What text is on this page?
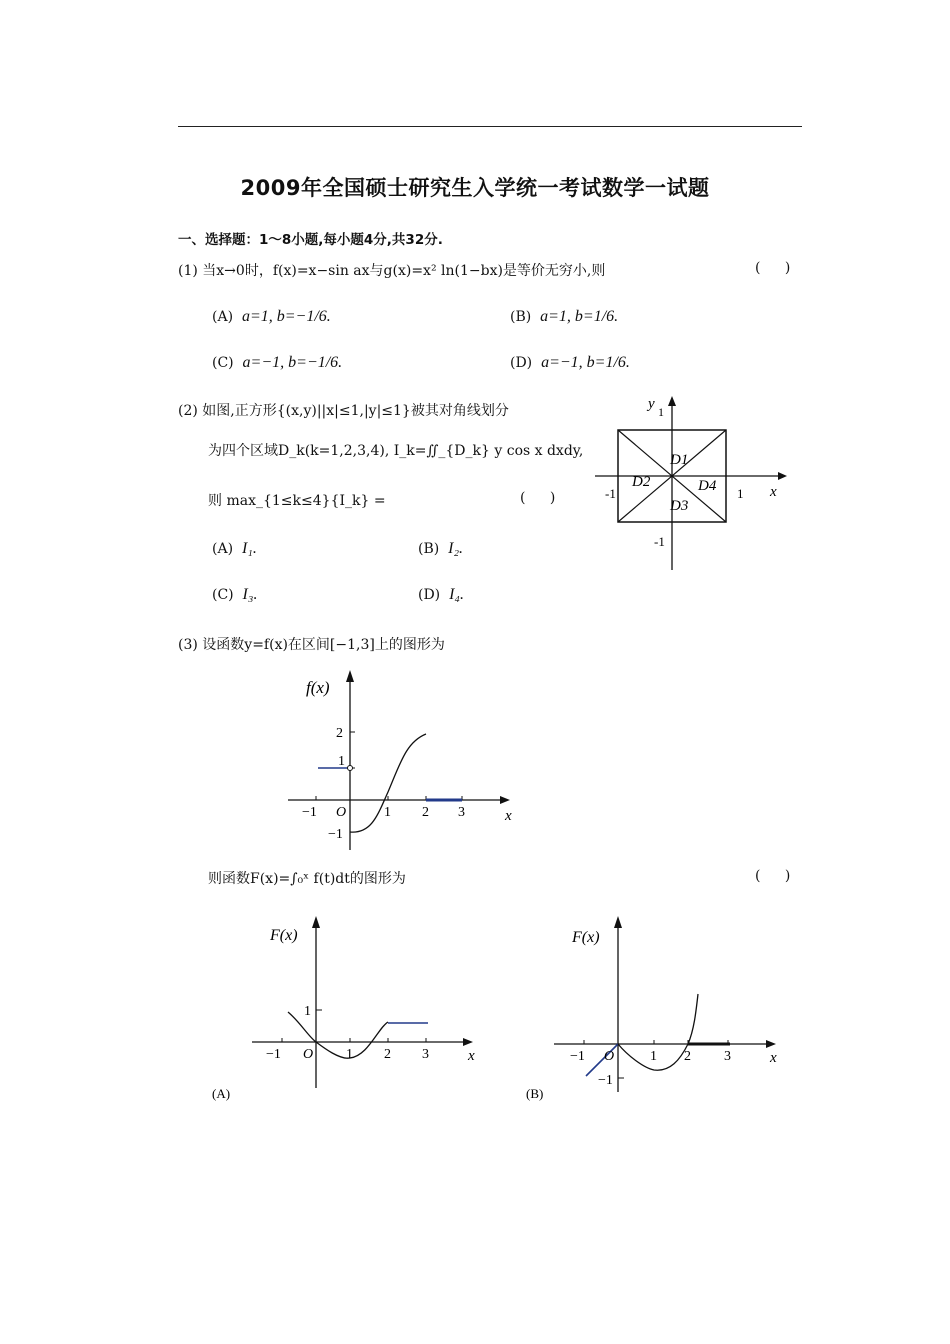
2009年全国硕士研究生入学统一考试数学一试题
一、选择题：1～8小题,每小题4分,共32分.
(1) 当x→0时，f(x)=x−sin ax与g(x)=x² ln(1−bx)是等价无穷小,则	( )
(A) a=1, b=−1/6.	(B) a=1, b=1/6.
(C) a=−1, b=−1/6.	(D) a=−1, b=1/6.
(2) 如图,正方形{(x,y)||x|≤1,|y|≤1}被其对角线划分
为四个区域D_k(k=1,2,3,4), I_k=∬_{D_k} y cos x dxdy,
则 max_{1≤k≤4}{I_k} =	( )
(A) I₁.	(B) I₂.
(C) I₃.	(D) I₄.
y 1
x
-1	1
-1
D1
D2
D3
D4
(3) 设函数y=f(x)在区间[−1,3]上的图形为
f(x)
x
−1 O	1 2 3
2
1
−1
则函数F(x)=∫₀ˣ f(t)dt的图形为	( )
F(x)
x
−1 O 1 2 3
1
(A)
F(x)
x
−1 O	1 2 3
−1
(B)
